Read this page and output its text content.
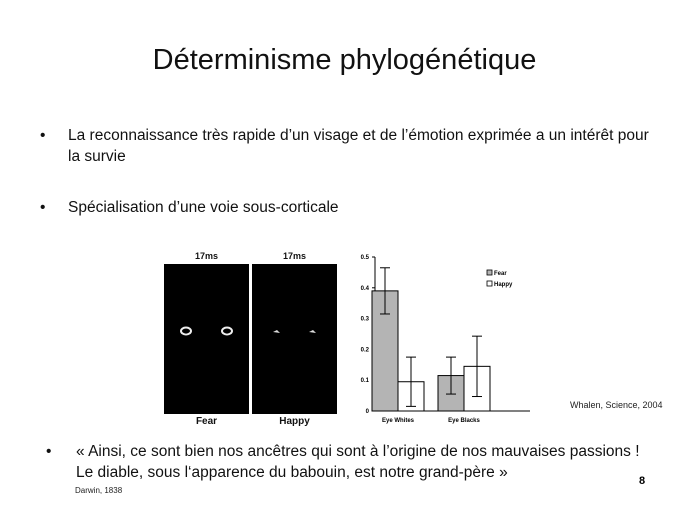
Déterminisme phylogénétique
• La reconnaissance très rapide d’un visage et de l’émotion exprimée a un intérêt pour la survie
• Spécialisation d’une voie sous-corticale
17ms	17ms
Fear	Happy
0
0.1
0.2
0.3
0.4
0.5
Eye Whites	Eye Blacks
Fear
Happy
Whalen, Science, 2004
• « Ainsi, ce sont bien nos ancêtres qui sont à l’origine de nos mauvaises passions ! Le diable, sous l‘apparence du babouin, est notre grand-père »
Darwin, 1838
8
